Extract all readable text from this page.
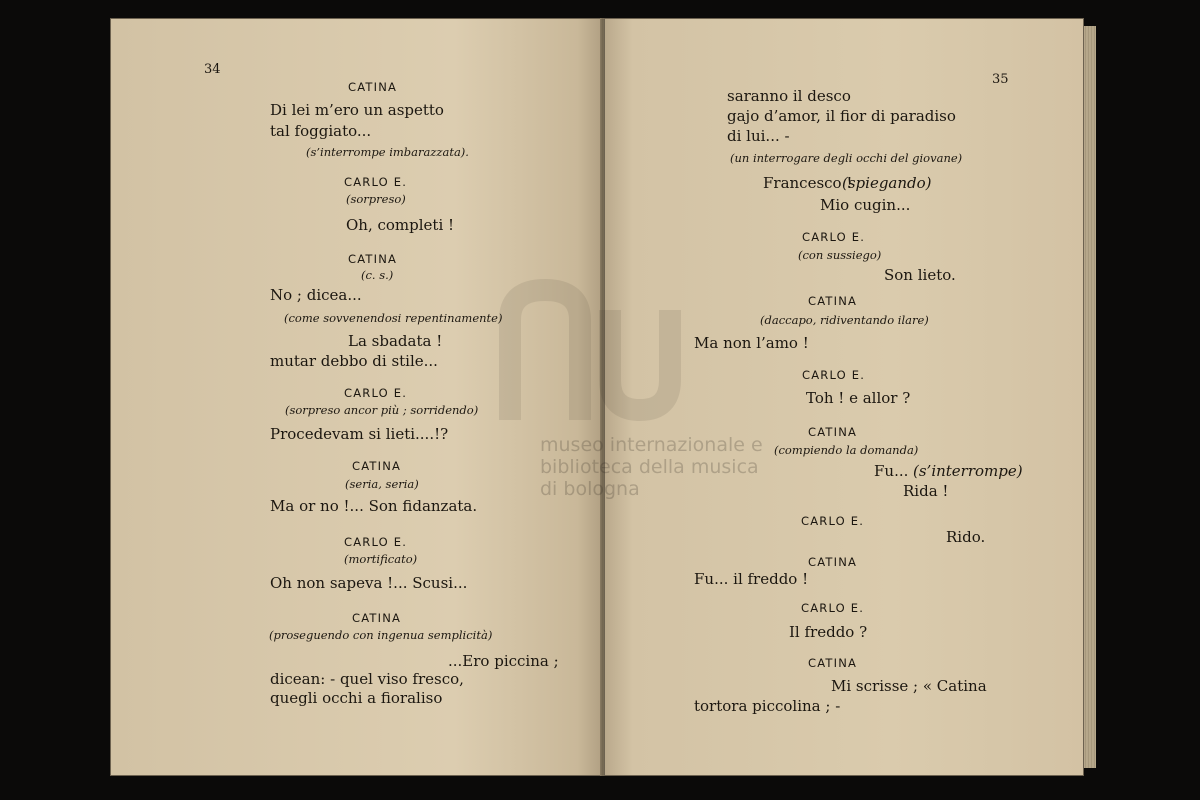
museo internazionale e biblioteca della musica di bologna
34
CATINA
Di lei m’ero un aspetto
tal foggiato...
(s’interrompe imbarazzata).
CARLO E.
(sorpreso)
Oh, completi !
CATINA
(c. s.)
No ; dicea...
(come sovvenendosi repentinamente)
La sbadata !
mutar debbo di stile...
CARLO E.
(sorpreso ancor più ; sorridendo)
Procedevam si lieti....!?
CATINA
(seria, seria)
Ma or no !... Son fidanzata.
CARLO E.
(mortificato)
Oh non sapeva !... Scusi...
CATINA
(proseguendo con ingenua semplicità)
...Ero piccina ;
dicean: - quel viso fresco,
quegli occhi a fioraliso
35
saranno il desco
gajo d’amor, il fior di paradiso
di lui... -
(un interrogare degli occhi del giovane)
Francesco !
(spiegando)
Mio cugin...
CARLO E.
(con sussiego)
Son lieto.
CATINA
(daccapo, ridiventando ilare)
Ma non l’amo !
CARLO E.
Toh ! e allor ?
CATINA
(compiendo la domanda)
Fu... (s’interrompe)
Rida !
CARLO E.
Rido.
CATINA
Fu... il freddo !
CARLO E.
Il freddo ?
CATINA
Mi scrisse ; « Catina
tortora piccolina ; -
